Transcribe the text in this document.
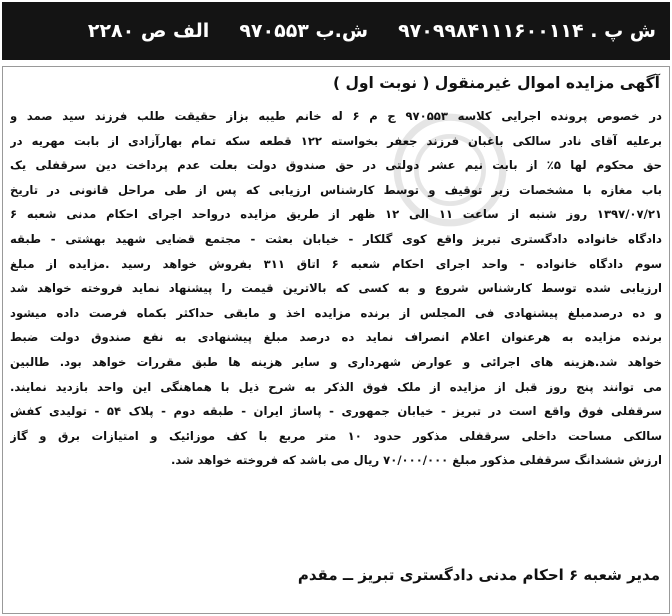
ش پ . ۹۷۰۹۹۸۴۱۱۱۶۰۰۱۱۴
ش.ب ۹۷۰۵۵۳
الف ص ۲۲۸۰
آگهی مزایده اموال غیرمنقول ( نوبت اول )
در خصوص پرونده اجرایی کلاسه ۹۷۰۵۵۳ ج م ۶ له خانم طیبه بزاز حقیقت طلب فرزند سید صمد و
برعلیه آقای نادر سالکی باغبان فرزند جعفر بخواسته ۱۲۲ قطعه سکه تمام بهارآزادی از بابت مهریه در
حق محکوم لها ۵٪ از بابت نیم عشر دولتی در حق صندوق دولت بعلت عدم پرداخت دین سرقفلی یک
باب مغازه با مشخصات زیر توقیف و توسط کارشناس ارزیابی که پس از طی مراحل قانونی در تاریخ
۱۳۹۷/۰۷/۲۱ روز شنبه از ساعت ۱۱ الی ۱۲ ظهر از طریق مزایده درواحد اجرای احکام مدنی شعبه ۶
دادگاه خانواده دادگستری تبریز واقع کوی گلکار - خیابان بعثت - مجتمع قضایی شهید بهشتی - طبقه
سوم دادگاه خانواده - واحد اجرای احکام شعبه ۶ اتاق ۳۱۱ بفروش خواهد رسید .مزایده از مبلغ
ارزیابی شده توسط کارشناس شروع و به کسی که بالاترین قیمت را پیشنهاد نماید فروخته خواهد شد
و ده درصدمبلغ پیشنهادی فی المجلس از برنده مزایده اخذ و مابقی حداکثر بکماه فرصت داده میشود
برنده مزایده به هرعنوان اعلام انصراف نماید ده درصد مبلغ پیشنهادی به نفع صندوق دولت ضبط
خواهد شد.هزینه های اجرائی و عوارض شهرداری و سایر هزینه ها طبق مقررات خواهد بود. طالبین
می توانند پنج روز قبل از مزایده از ملک فوق الذکر به شرح ذیل با هماهنگی این واحد بازدید نمایند.
سرقفلی فوق واقع است در تبریز - خیابان جمهوری - پاساژ ایران - طبقه دوم - پلاک ۵۴ - تولیدی کفش
سالکی مساحت داخلی سرقفلی مذکور حدود ۱۰ متر مربع با کف موزائیک و امتیازات برق و گاز
ارزش ششدانگ سرقفلی مذکور مبلغ ۷۰/۰۰۰/۰۰۰ ریال می باشد که فروخته خواهد شد.
مدیر شعبه ۶ احکام مدنی دادگستری تبریز ــ مقدم
